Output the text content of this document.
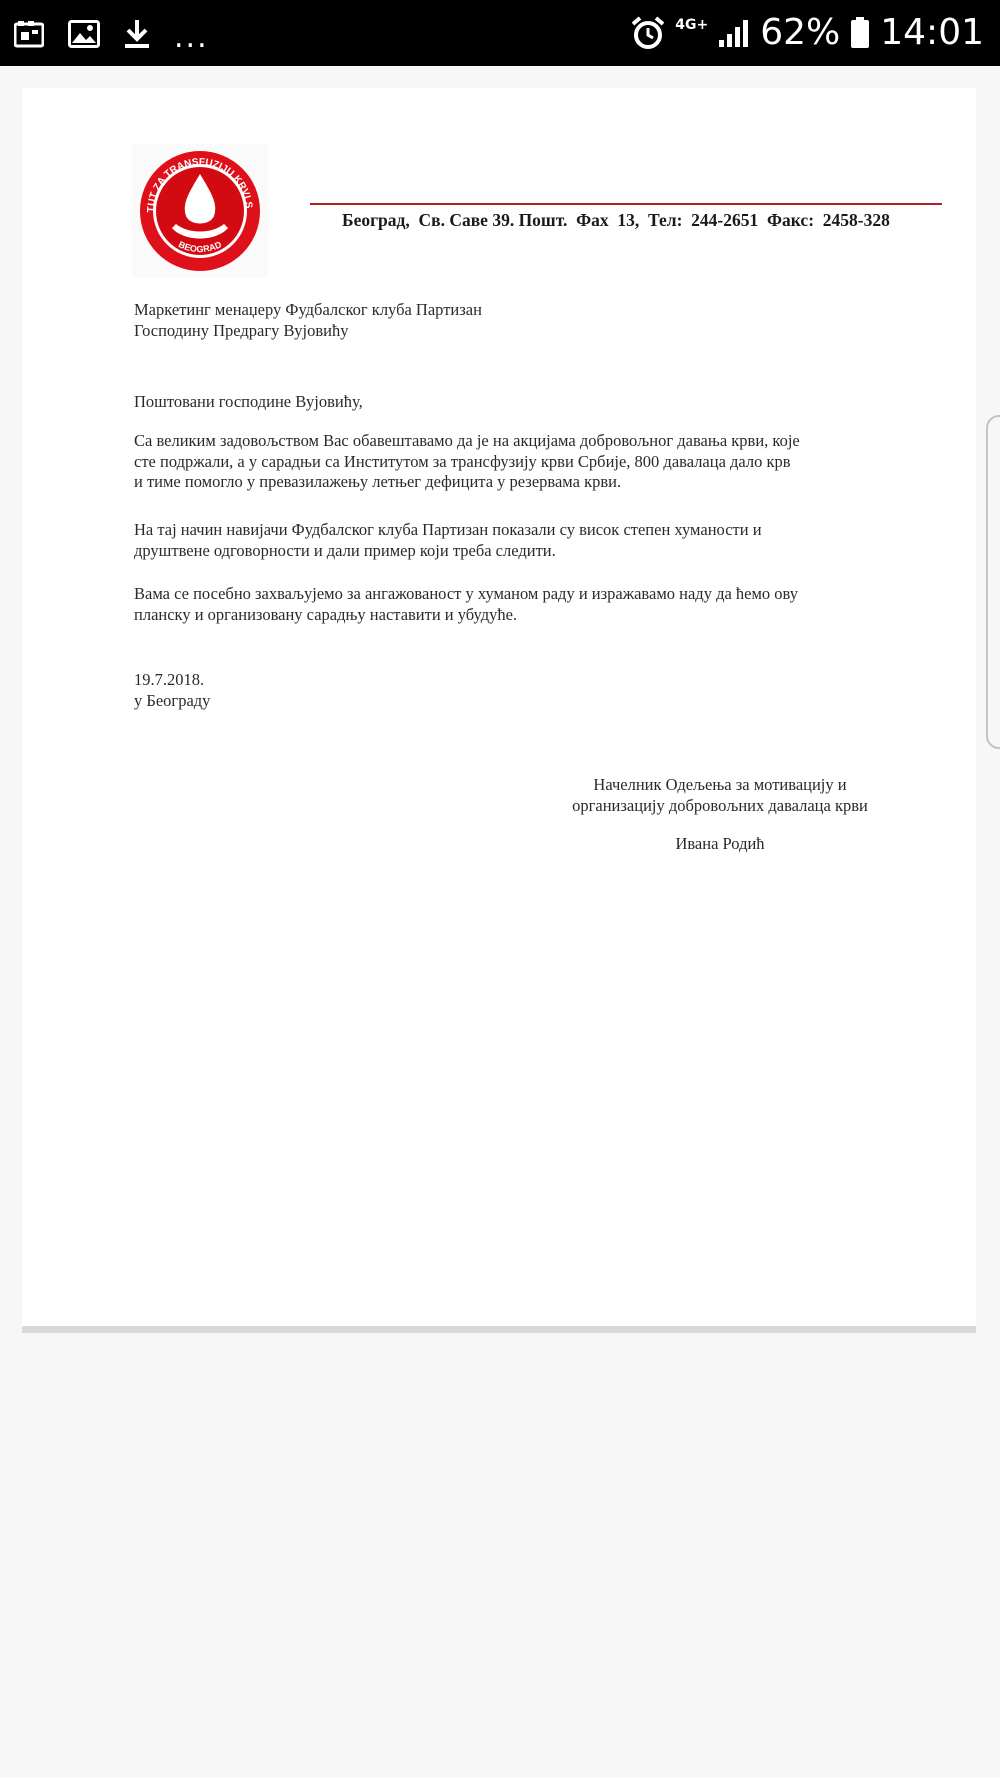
...	4G+ 62% 14:01
TUT ZA TRANSFUZIJU KRVI S
BEOGRAD
Београд,  Св. Саве 39. Пошт.  Фах  13,  Тел:  244-2651  Факс:  2458-328
Маркетинг менаџеру Фудбалског клуба Партизан
Господину Предрагу Вујовићу
Поштовани господине Вујовићу,
Са великим задовољством Вас обавештавамо да је на акцијама добровољног давања крви, које
сте подржали, а у сарадњи са Институтом за трансфузију крви Србије, 800 давалаца дало крв
и тиме помогло у превазилажењу летњег дефицита у резервама крви.
На тај начин навијачи Фудбалског клуба Партизан показали су висок степен хуманости и
друштвене одговорности и дали пример који треба следити.
Вама се посебно захваљујемо за ангажованост у хуманом раду и изражавамо наду да ћемо ову
планску и организовану сарадњу наставити и убудуће.
19.7.2018.
у Београду
Начелник Одељења за мотивацију и
организацију добровољних давалаца крви
Ивана Родић
